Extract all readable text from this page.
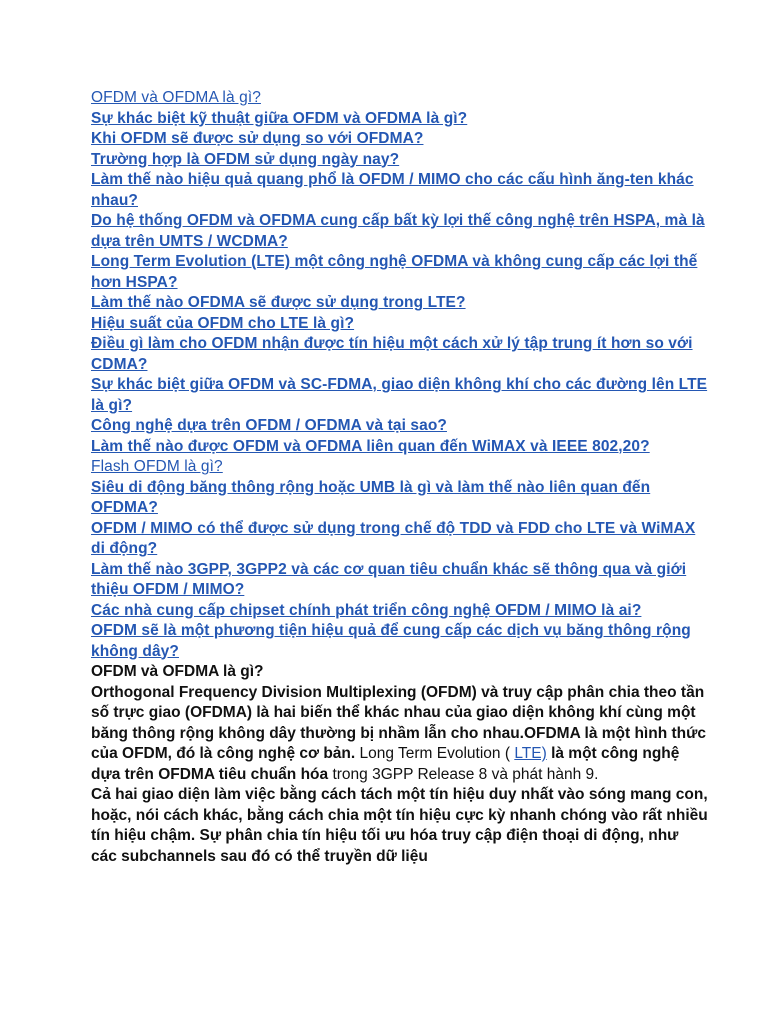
OFDM và OFDMA là gì?
Sự khác biệt kỹ thuật giữa OFDM và OFDMA là gì?
Khi OFDM sẽ được sử dụng so với OFDMA?
Trường hợp là OFDM sử dụng ngày nay?
Làm thế nào hiệu quả quang phổ là OFDM / MIMO cho các cấu hình ăng-ten khác nhau?
Do hệ thống OFDM và OFDMA cung cấp bất kỳ lợi thế công nghệ trên HSPA, mà là dựa trên UMTS / WCDMA?
Long Term Evolution (LTE) một công nghệ OFDMA và không cung cấp các lợi thế hơn HSPA?
Làm thế nào OFDMA sẽ được sử dụng trong LTE?
Hiệu suất của OFDM cho LTE là gì?
Điều gì làm cho OFDM nhận được tín hiệu một cách xử lý tập trung ít hơn so với CDMA?
Sự khác biệt giữa OFDM và SC-FDMA, giao diện không khí cho các đường lên LTE là gì?
Công nghệ dựa trên OFDM / OFDMA và tại sao?
Làm thế nào được OFDM và OFDMA liên quan đến WiMAX và IEEE 802,20?
Flash OFDM là gì?
Siêu di động băng thông rộng hoặc UMB là gì và làm thế nào liên quan đến OFDMA?
OFDM / MIMO có thể được sử dụng trong chế độ TDD và FDD cho LTE và WiMAX di động?
Làm thế nào 3GPP, 3GPP2 và các cơ quan tiêu chuẩn khác sẽ thông qua và giới thiệu OFDM / MIMO?
Các nhà cung cấp chipset chính phát triển công nghệ OFDM / MIMO là ai?
OFDM sẽ là một phương tiện hiệu quả để cung cấp các dịch vụ băng thông rộng không dây?
OFDM và OFDMA là gì?

Orthogonal Frequency Division Multiplexing (OFDM) và truy cập phân chia theo tần số trực giao (OFDMA) là hai biến thể khác nhau của giao diện không khí cùng một băng thông rộng không dây thường bị nhầm lẫn cho nhau.OFDMA là một hình thức của OFDM, đó là công nghệ cơ bản. Long Term Evolution ( LTE) là một công nghệ dựa trên OFDMA tiêu chuẩn hóa trong 3GPP Release 8 và phát hành 9.

Cả hai giao diện làm việc bằng cách tách một tín hiệu duy nhất vào sóng mang con, hoặc, nói cách khác, bằng cách chia một tín hiệu cực kỳ nhanh chóng vào rất nhiều tín hiệu chậm. Sự phân chia tín hiệu tối ưu hóa truy cập điện thoại di động, như các subchannels sau đó có thể truyền dữ liệu
